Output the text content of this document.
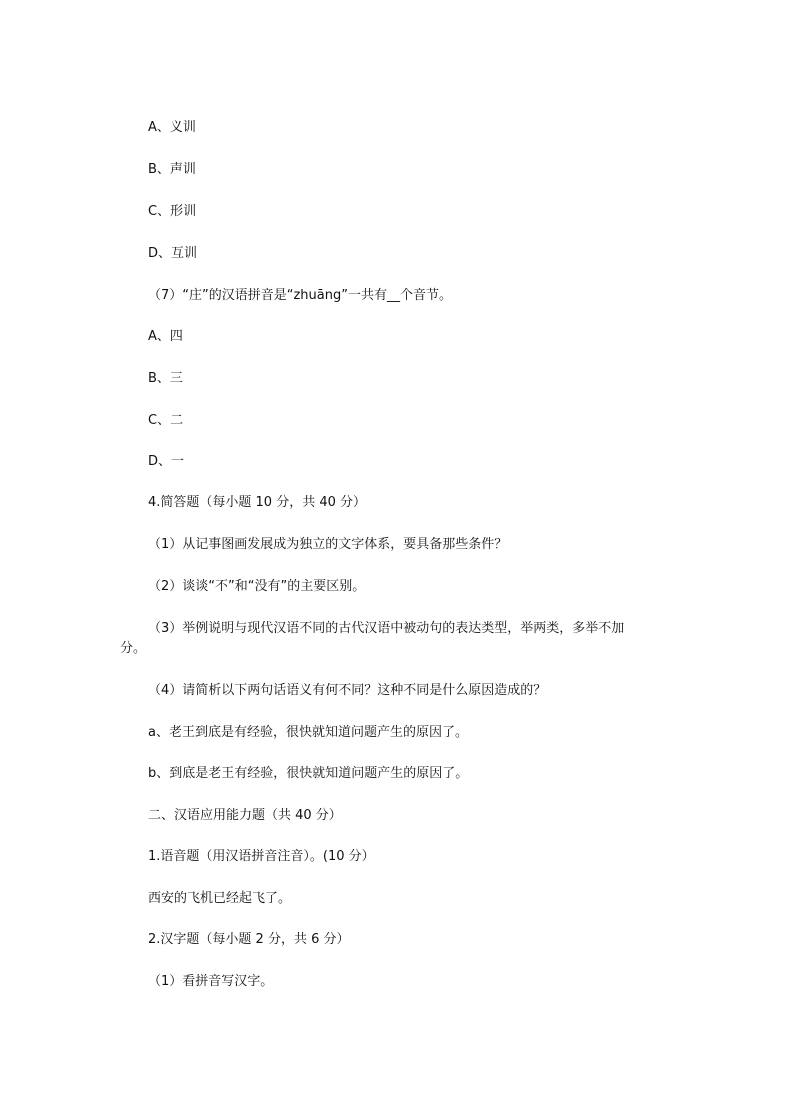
A、义训
B、声训
C、形训
D、互训
（7）“庄”的汉语拼音是“zhuāng”一共有__个音节。
A、四
B、三
C、二
D、一
4.简答题（每小题 10 分，共 40 分）
（1）从记事图画发展成为独立的文字体系，要具备那些条件？
（2）谈谈“不”和“没有”的主要区别。
（3）举例说明与现代汉语不同的古代汉语中被动句的表达类型，举两类，多举不加分。
（4）请简析以下两句话语义有何不同？这种不同是什么原因造成的？
a、老王到底是有经验，很快就知道问题产生的原因了。
b、到底是老王有经验，很快就知道问题产生的原因了。
二、汉语应用能力题（共 40 分）
1.语音题（用汉语拼音注音）。(10 分）
西安的飞机已经起飞了。
2.汉字题（每小题 2 分，共 6 分）
（1）看拼音写汉字。
